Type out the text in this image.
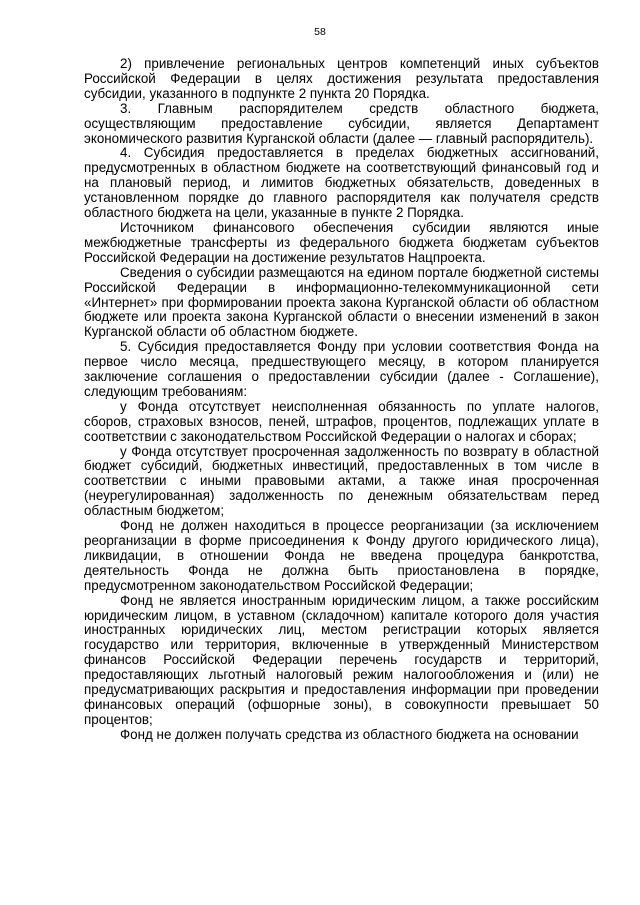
58

2) привлечение региональных центров компетенций иных субъектов Российской Федерации в целях достижения результата предоставления субсидии, указанного в подпункте 2 пункта 20 Порядка.

3. Главным распорядителем средств областного бюджета, осуществляющим предоставление субсидии, является Департамент экономического развития Курганской области (далее — главный распорядитель).

4. Субсидия предоставляется в пределах бюджетных ассигнований, предусмотренных в областном бюджете на соответствующий финансовый год и на плановый период, и лимитов бюджетных обязательств, доведенных в установленном порядке до главного распорядителя как получателя средств областного бюджета на цели, указанные в пункте 2 Порядка.

Источником финансового обеспечения субсидии являются иные межбюджетные трансферты из федерального бюджета бюджетам субъектов Российской Федерации на достижение результатов Нацпроекта.

Сведения о субсидии размещаются на едином портале бюджетной системы Российской Федерации в информационно-телекоммуникационной сети «Интернет» при формировании проекта закона Курганской области об областном бюджете или проекта закона Курганской области о внесении изменений в закон Курганской области об областном бюджете.

5. Субсидия предоставляется Фонду при условии соответствия Фонда на первое число месяца, предшествующего месяцу, в котором планируется заключение соглашения о предоставлении субсидии (далее - Соглашение), следующим требованиям:

у Фонда отсутствует неисполненная обязанность по уплате налогов, сборов, страховых взносов, пеней, штрафов, процентов, подлежащих уплате в соответствии с законодательством Российской Федерации о налогах и сборах;

у Фонда отсутствует просроченная задолженность по возврату в областной бюджет субсидий, бюджетных инвестиций, предоставленных в том числе в соответствии с иными правовыми актами, а также иная просроченная (неурегулированная) задолженность по денежным обязательствам перед областным бюджетом;

Фонд не должен находиться в процессе реорганизации (за исключением реорганизации в форме присоединения к Фонду другого юридического лица), ликвидации, в отношении Фонда не введена процедура банкротства, деятельность Фонда не должна быть приостановлена в порядке, предусмотренном законодательством Российской Федерации;

Фонд не является иностранным юридическим лицом, а также российским юридическим лицом, в уставном (складочном) капитале которого доля участия иностранных юридических лиц, местом регистрации которых является государство или территория, включенные в утвержденный Министерством финансов Российской Федерации перечень государств и территорий, предоставляющих льготный налоговый режим налогообложения и (или) не предусматривающих раскрытия и предоставления информации при проведении финансовых операций (офшорные зоны), в совокупности превышает 50 процентов;

Фонд не должен получать средства из областного бюджета на основании
